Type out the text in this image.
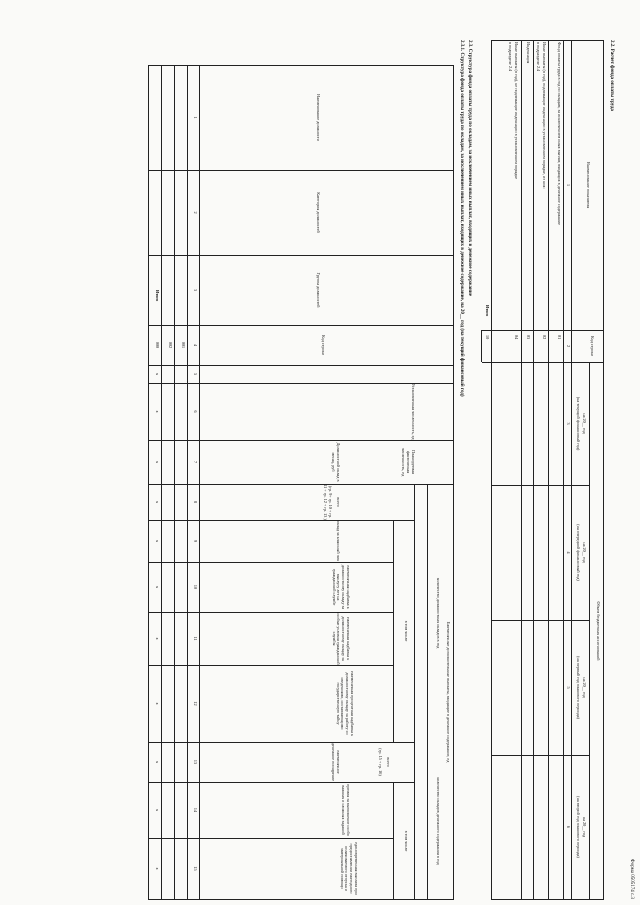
Форма 0505174 с.3
2.2. Расчет фонда оплаты труда
Наименование показателя
Код строки
Объем бюджетных ассигнований
на 20__ год
(на текущий финансовый год)
на 20__ год
(на очередной финансовый год)
на 20__ год
(на первый год планового периода)
на 20__ год
(на второй год планового периода)
1
2
3
4
5
6
Фонд оплаты труда в год по окладам, за исключением иных выплат, входящих в денежное содержание
01
Иные выплаты (в год), подлежащие индексации в установленном порядке, из них:
02
в подразделе 2.4
Индексация
03
Иные выплаты (в год), не подлежащие индексации в установленном порядке
04
в подразделе 2.4
Итого
10
2.3. Структура фонда оплаты труда по окладам, за исключением иных выплат, входящих в денежное содержание
2.3.1. Структура фонда оплаты труда по окладам, за исключением иных выплат, входящих в денежное содержание, на 20__ год (на текущий финансовый год)
Наименование должности
Категория должностей
Группа должностей
Код строки
Установленная численность, ед
Планируемая фактическая численность, ед
Должностной оклад в месяц, руб
Ежемесячные дополнительные выплаты, входящие в денежное содержание, ед
количество должностных окладов в год
в том числе
всего
(гр. 9+ гр. 10 + гр. 11 + гр. 12 + гр. 13 )
оклад за классный чин
ежемесячная надбавка к должностному окладу за выслугу лет на гражданской службе
ежемесячная надбавка к должностному окладу за особые условия гражданской службы
ежемесячная процентная надбавка к должностному окладу за работу со сведениями, составляющими государственную тайну
ежемесячное денежное поощрение
количество окладов денежного содержания в год
в том числе
всего
(гр. 15 + гр. 16)
премия за выполнение особо важных и сложных заданий
единовременная выплата при предоставлении ежегодного оплачиваемого отпуска и материальной помощи
1
2
3
4
5
6
7
8
9
10
11
12
13
14
15
001
002
Итого
000
x
x
x
x
x
x
x
x
x
x
x
